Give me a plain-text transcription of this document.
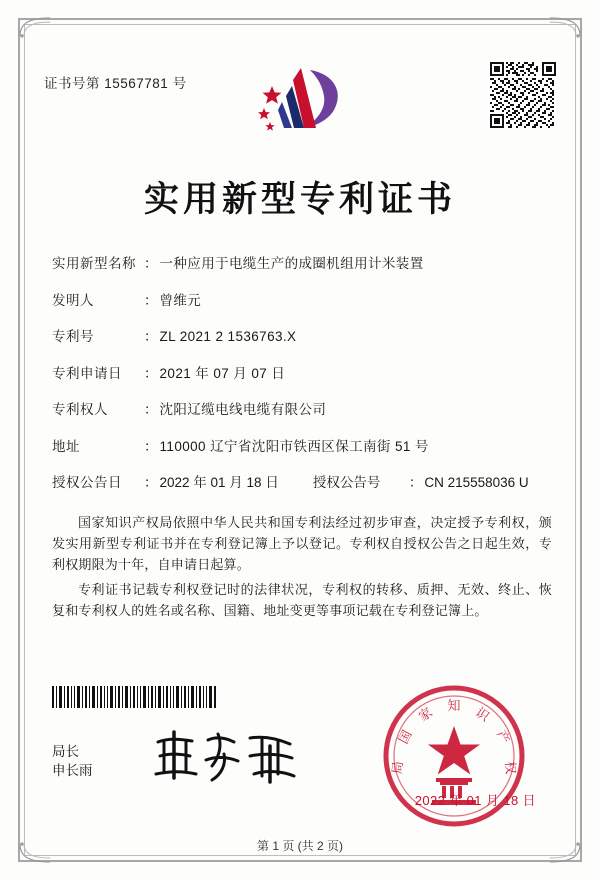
证书号第 15567781 号
实用新型专利证书
实用新型名称 ： 一种应用于电缆生产的成圈机组用计米装置
发明人	： 曾维元
专利号	： ZL 2021 2 1536763.X
专利申请日	： 2021 年 07 月 07 日
专利权人	： 沈阳辽缆电线电缆有限公司
地址	： 110000 辽宁省沈阳市铁西区保工南街 51 号
授权公告日	： 2022 年 01 月 18 日	授权公告号	： CN 215558036 U

国家知识产权局依照中华人民共和国专利法经过初步审查，决定授予专利权，颁发实用新型专利证书并在专利登记簿上予以登记。专利权自授权公告之日起生效，专利权期限为十年，自申请日起算。

专利证书记载专利权登记时的法律状况，专利权的转移、质押、无效、终止、恢复和专利权人的姓名或名称、国籍、地址变更等事项记载在专利登记簿上。

局长
申长雨
知
家
国
识
产
权
局
2022 年 01 月 18 日
第 1 页 (共 2 页)
